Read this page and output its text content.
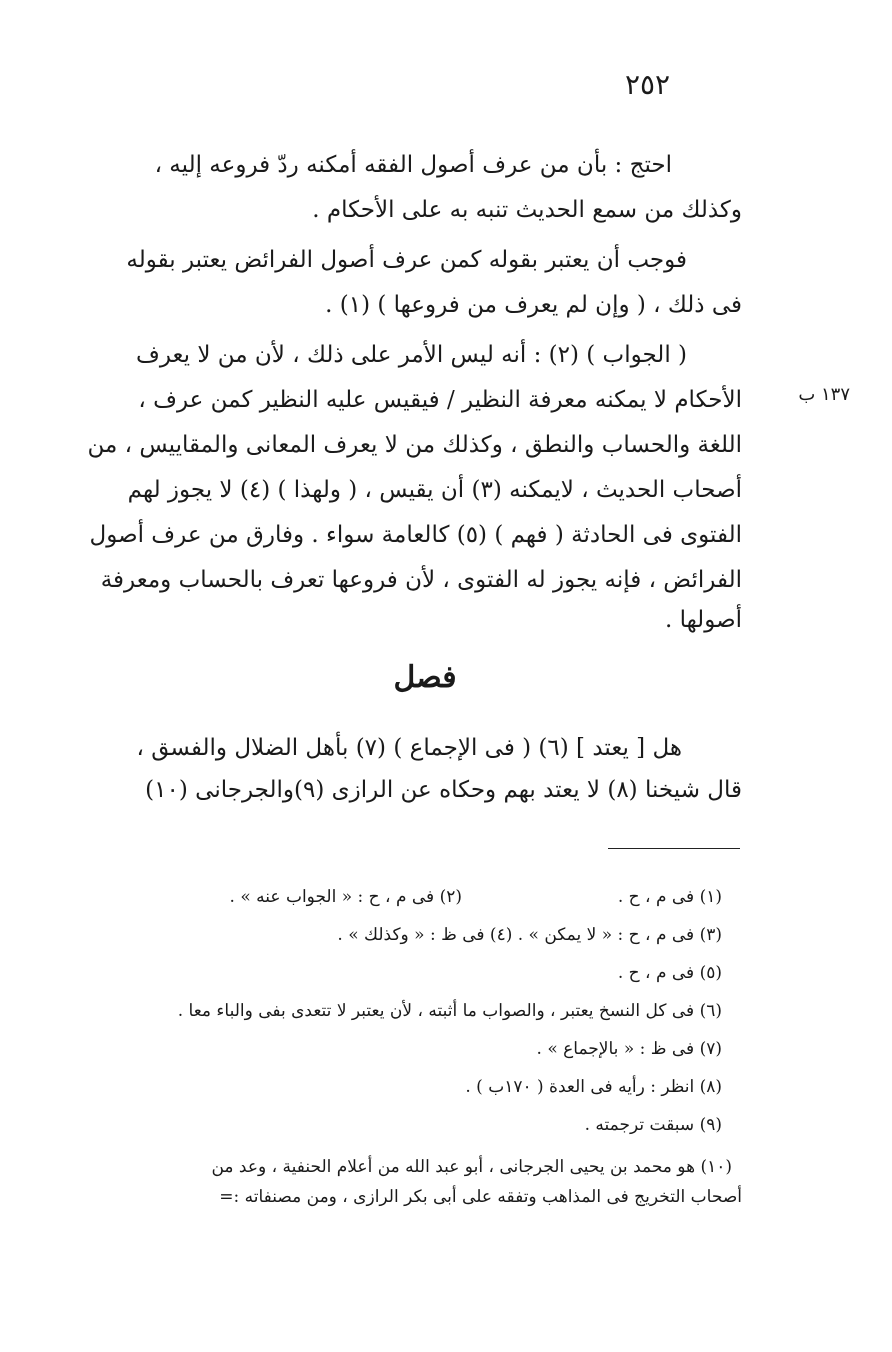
٢٥٢
احتج : بأن من عرف أصول الفقه أمكنه ردّ فروعه إليه ،
وكذلك من سمع الحديث تنبه به على الأحكام .
فوجب أن يعتبر بقوله كمن عرف أصول الفرائض يعتبر بقوله
فى ذلك ، ( وإن لم يعرف من فروعها ) (١) .
( الجواب ) (٢) : أنه ليس الأمر على ذلك ، لأن من لا يعرف
١٣٧ ب
الأحكام لا يمكنه معرفة النظير / فيقيس عليه النظير كمن عرف ،
اللغة والحساب والنطق ، وكذلك من لا يعرف المعانى والمقاييس ، من
أصحاب الحديث ، لايمكنه (٣) أن يقيس ، ( ولهذا ) (٤) لا يجوز لهم
الفتوى فى الحادثة ( فهم ) (٥) كالعامة سواء . وفارق من عرف أصول
الفرائض ، فإنه يجوز له الفتوى ، لأن فروعها تعرف بالحساب ومعرفة
أصولها .
فصل
هل [ يعتد ] (٦) ( فى الإجماع ) (٧) بأهل الضلال والفسق ،
قال شيخنا (٨) لا يعتد بهم وحكاه عن الرازى (٩)والجرجانى (١٠)
(١) فى م ، ح .
(٢) فى م ، ح : « الجواب عنه » .
(٣) فى م ، ح : « لا يمكن » . (٤) فى ظ : « وكذلك » .
(٥) فى م ، ح .
(٦) فى كل النسخ يعتبر ، والصواب ما أثبته ، لأن يعتبر لا تتعدى بفى والباء معا .
(٧) فى ظ : « بالإجماع » .
(٨) انظر : رأيه فى العدة ( ١٧٠ب ) .
(٩) سبقت ترجمته .
(١٠) هو محمد بن يحيى الجرجانى ، أبو عبد الله من أعلام الحنفية ، وعد من
أصحاب التخريج فى المذاهب وتفقه على أبى بكر الرازى ، ومن مصنفاته :=
